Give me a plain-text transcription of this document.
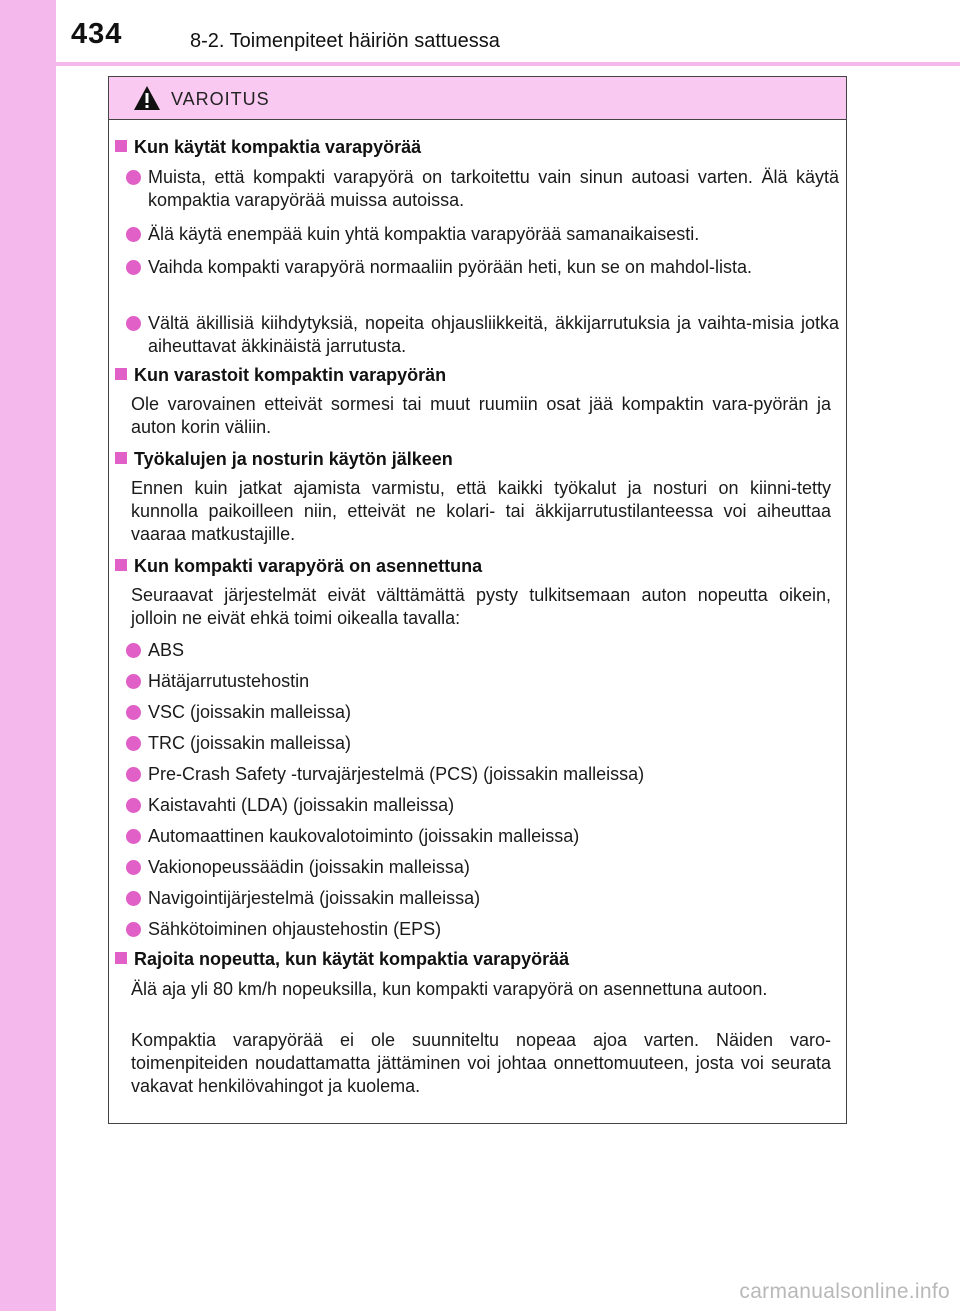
434	8-2. Toimenpiteet häiriön sattuessa
VAROITUS
Kun käytät kompaktia varapyörää
Muista, että kompakti varapyörä on tarkoitettu vain sinun autoasi varten. Älä käytä kompaktia varapyörää muissa autoissa.
Älä käytä enempää kuin yhtä kompaktia varapyörää samanaikaisesti.
Vaihda kompakti varapyörä normaaliin pyörään heti, kun se on mahdol-lista.
Vältä äkillisiä kiihdytyksiä, nopeita ohjausliikkeitä, äkkijarrutuksia ja vaihta-misia jotka aiheuttavat äkkinäistä jarrutusta.
Kun varastoit kompaktin varapyörän
Ole varovainen etteivät sormesi tai muut ruumiin osat jää kompaktin vara-pyörän ja auton korin väliin.
Työkalujen ja nosturin käytön jälkeen
Ennen kuin jatkat ajamista varmistu, että kaikki työkalut ja nosturi on kiinni-tetty kunnolla paikoilleen niin, etteivät ne kolari- tai äkkijarrutustilanteessa voi aiheuttaa vaaraa matkustajille.
Kun kompakti varapyörä on asennettuna
Seuraavat järjestelmät eivät välttämättä pysty tulkitsemaan auton nopeutta oikein, jolloin ne eivät ehkä toimi oikealla tavalla:
ABS
Hätäjarrutustehostin
VSC (joissakin malleissa)
TRC (joissakin malleissa)
Pre-Crash Safety -turvajärjestelmä (PCS) (joissakin malleissa)
Kaistavahti (LDA) (joissakin malleissa)
Automaattinen kaukovalotoiminto (joissakin malleissa)
Vakionopeussäädin (joissakin malleissa)
Navigointijärjestelmä (joissakin malleissa)
Sähkötoiminen ohjaustehostin (EPS)
Rajoita nopeutta, kun käytät kompaktia varapyörää
Älä aja yli 80 km/h nopeuksilla, kun kompakti varapyörä on asennettuna autoon.
Kompaktia varapyörää ei ole suunniteltu nopeaa ajoa varten. Näiden varo-toimenpiteiden noudattamatta jättäminen voi johtaa onnettomuuteen, josta voi seurata vakavat henkilövahingot ja kuolema.
carmanualsonline.info
